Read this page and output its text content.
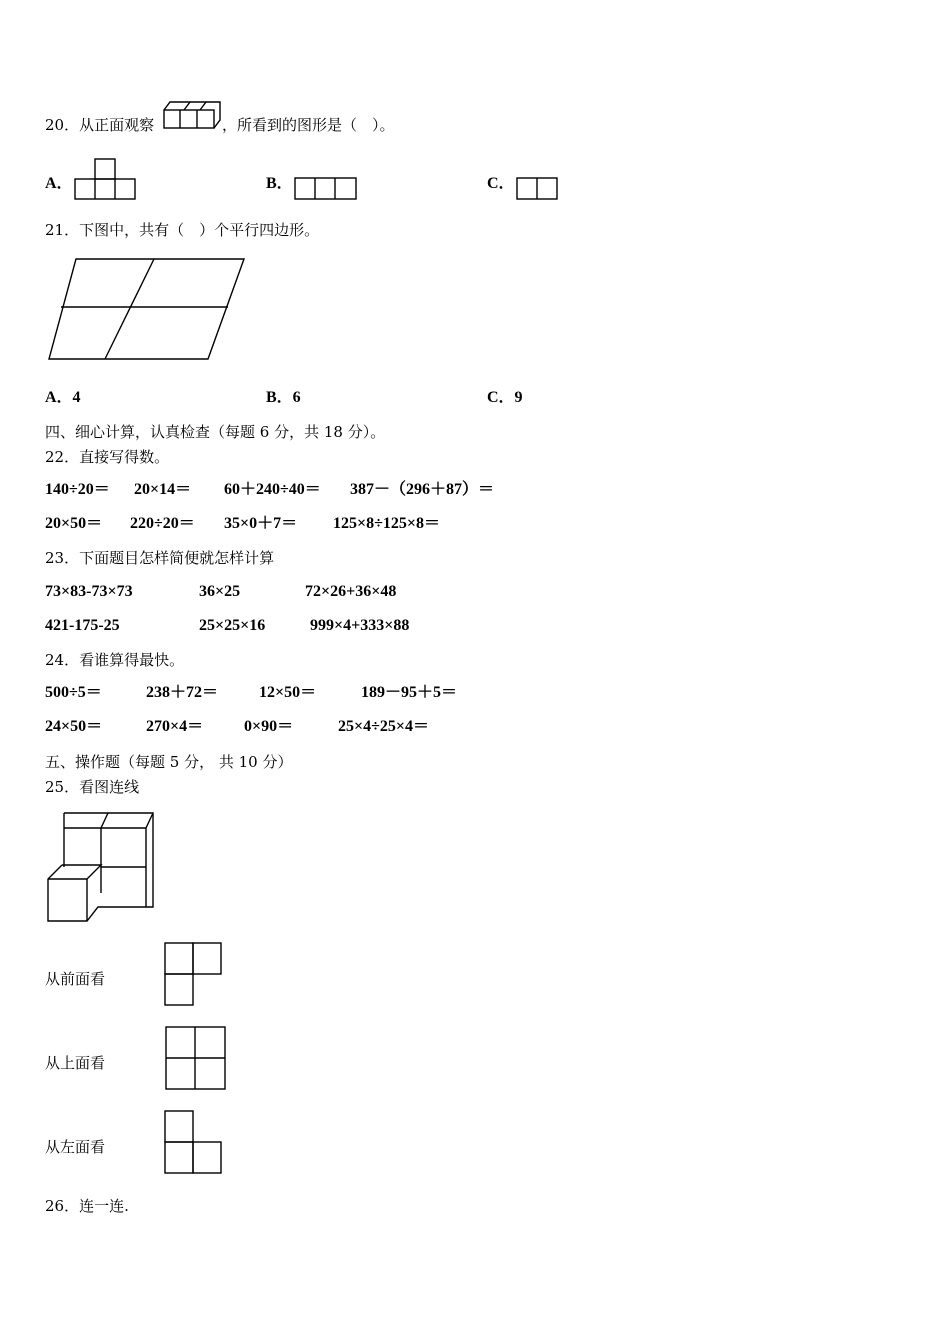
20．从正面观察	，所看到的图形是（　）。
A．	B．	C．
21．下图中，共有（　）个平行四边形。
A．4	B．6	C．9
四、细心计算，认真检查（每题 6 分，共 18 分）。
22．直接写得数。
140÷20＝ 20×14＝ 60＋240÷40＝ 387－（296＋87）＝
20×50＝ 220÷20＝ 35×0＋7＝ 125×8÷125×8＝
23．下面题目怎样简便就怎样计算
73×83-73×73	36×25	72×26+36×48
421-175-25	25×25×16	999×4+333×88
24．看谁算得最快。
500÷5＝	238＋72＝	12×50＝	189－95＋5＝
24×50＝	270×4＝	0×90＝	25×4÷25×4＝
五、操作题（每题 5 分， 共 10 分）
25．看图连线
从前面看
从上面看
从左面看
26．连一连.
